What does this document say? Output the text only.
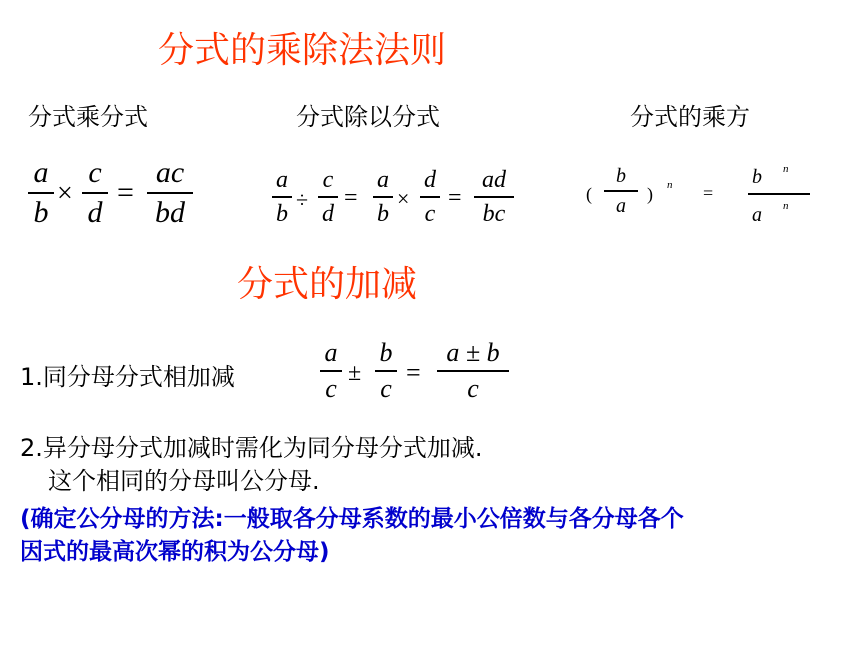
分式的乘除法法则
分式乘分式	分式除以分式	分式的乘方
a
b
×
c
d
=
ac
bd
a
b
÷
c
d
=
a
b
×
d
c
=
ad
bc
(
b
a
) n =
b n
a n
分式的加减
1.同分母分式相加减
a
c
±
b
c
=
a ± b
c
2.异分母分式加减时需化为同分母分式加减.
这个相同的分母叫公分母.
(确定公分母的方法:一般取各分母系数的最小公倍数与各分母各个
因式的最高次幂的积为公分母)
